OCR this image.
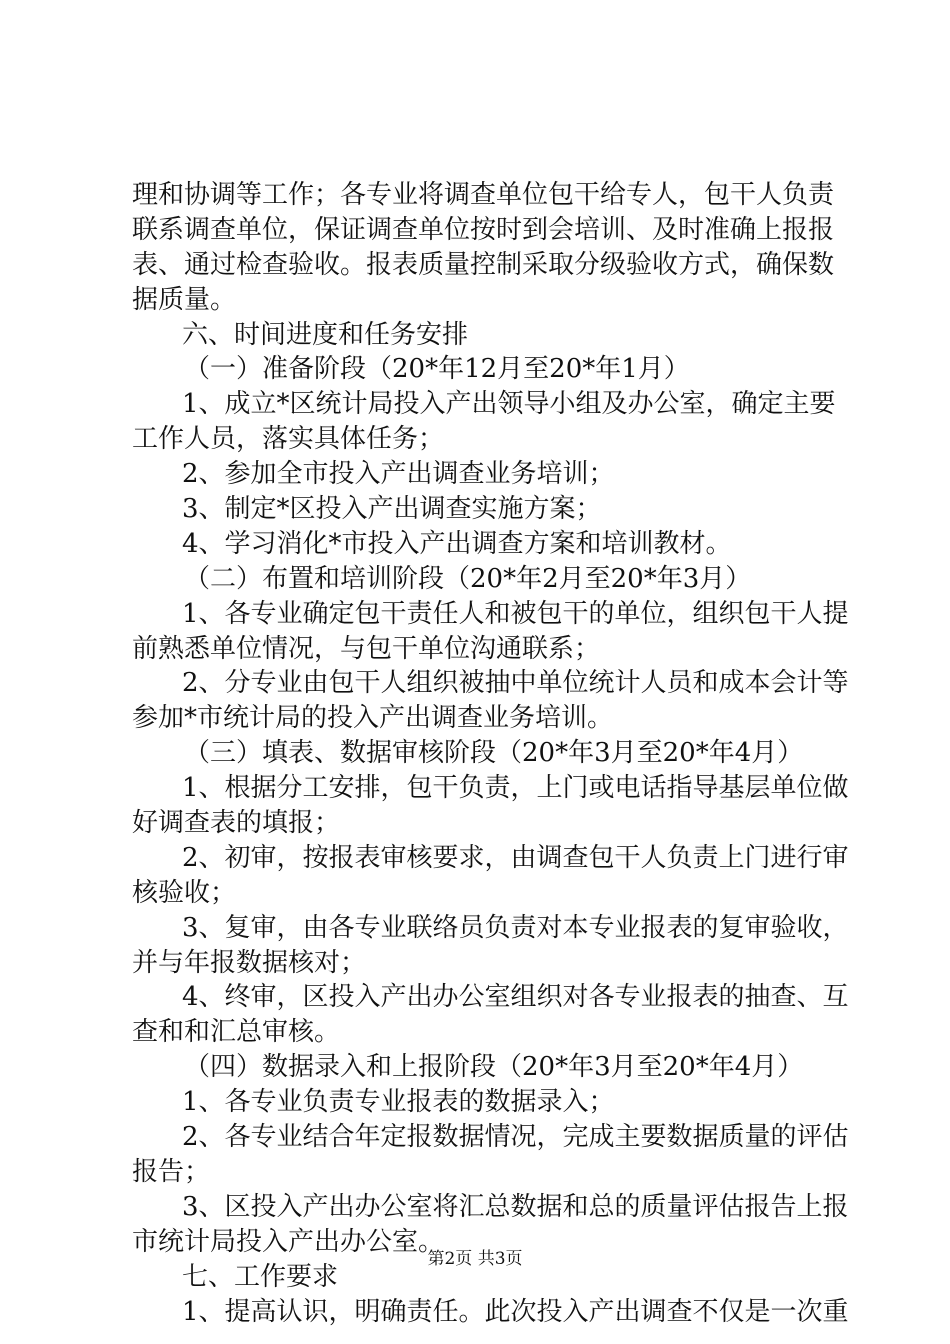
理和协调等工作；各专业将调查单位包干给专人，包干人负责
联系调查单位，保证调查单位按时到会培训、及时准确上报报
表、通过检查验收。报表质量控制采取分级验收方式，确保数
据质量。
六、时间进度和任务安排
（一）准备阶段（20*年12月至20*年1月）
1、成立*区统计局投入产出领导小组及办公室，确定主要
工作人员，落实具体任务；
2、参加全市投入产出调查业务培训；
3、制定*区投入产出调查实施方案；
4、学习消化*市投入产出调查方案和培训教材。
（二）布置和培训阶段（20*年2月至20*年3月）
1、各专业确定包干责任人和被包干的单位，组织包干人提
前熟悉单位情况，与包干单位沟通联系；
2、分专业由包干人组织被抽中单位统计人员和成本会计等
参加*市统计局的投入产出调查业务培训。
（三）填表、数据审核阶段（20*年3月至20*年4月）
1、根据分工安排，包干负责，上门或电话指导基层单位做
好调查表的填报；
2、初审，按报表审核要求，由调查包干人负责上门进行审
核验收；
3、复审，由各专业联络员负责对本专业报表的复审验收，
并与年报数据核对；
4、终审，区投入产出办公室组织对各专业报表的抽查、互
查和和汇总审核。
（四）数据录入和上报阶段（20*年3月至20*年4月）
1、各专业负责专业报表的数据录入；
2、各专业结合年定报数据情况，完成主要数据质量的评估
报告；
3、区投入产出办公室将汇总数据和总的质量评估报告上报
市统计局投入产出办公室。
七、工作要求
1、提高认识，明确责任。此次投入产出调查不仅是一次重
第2页 共3页
